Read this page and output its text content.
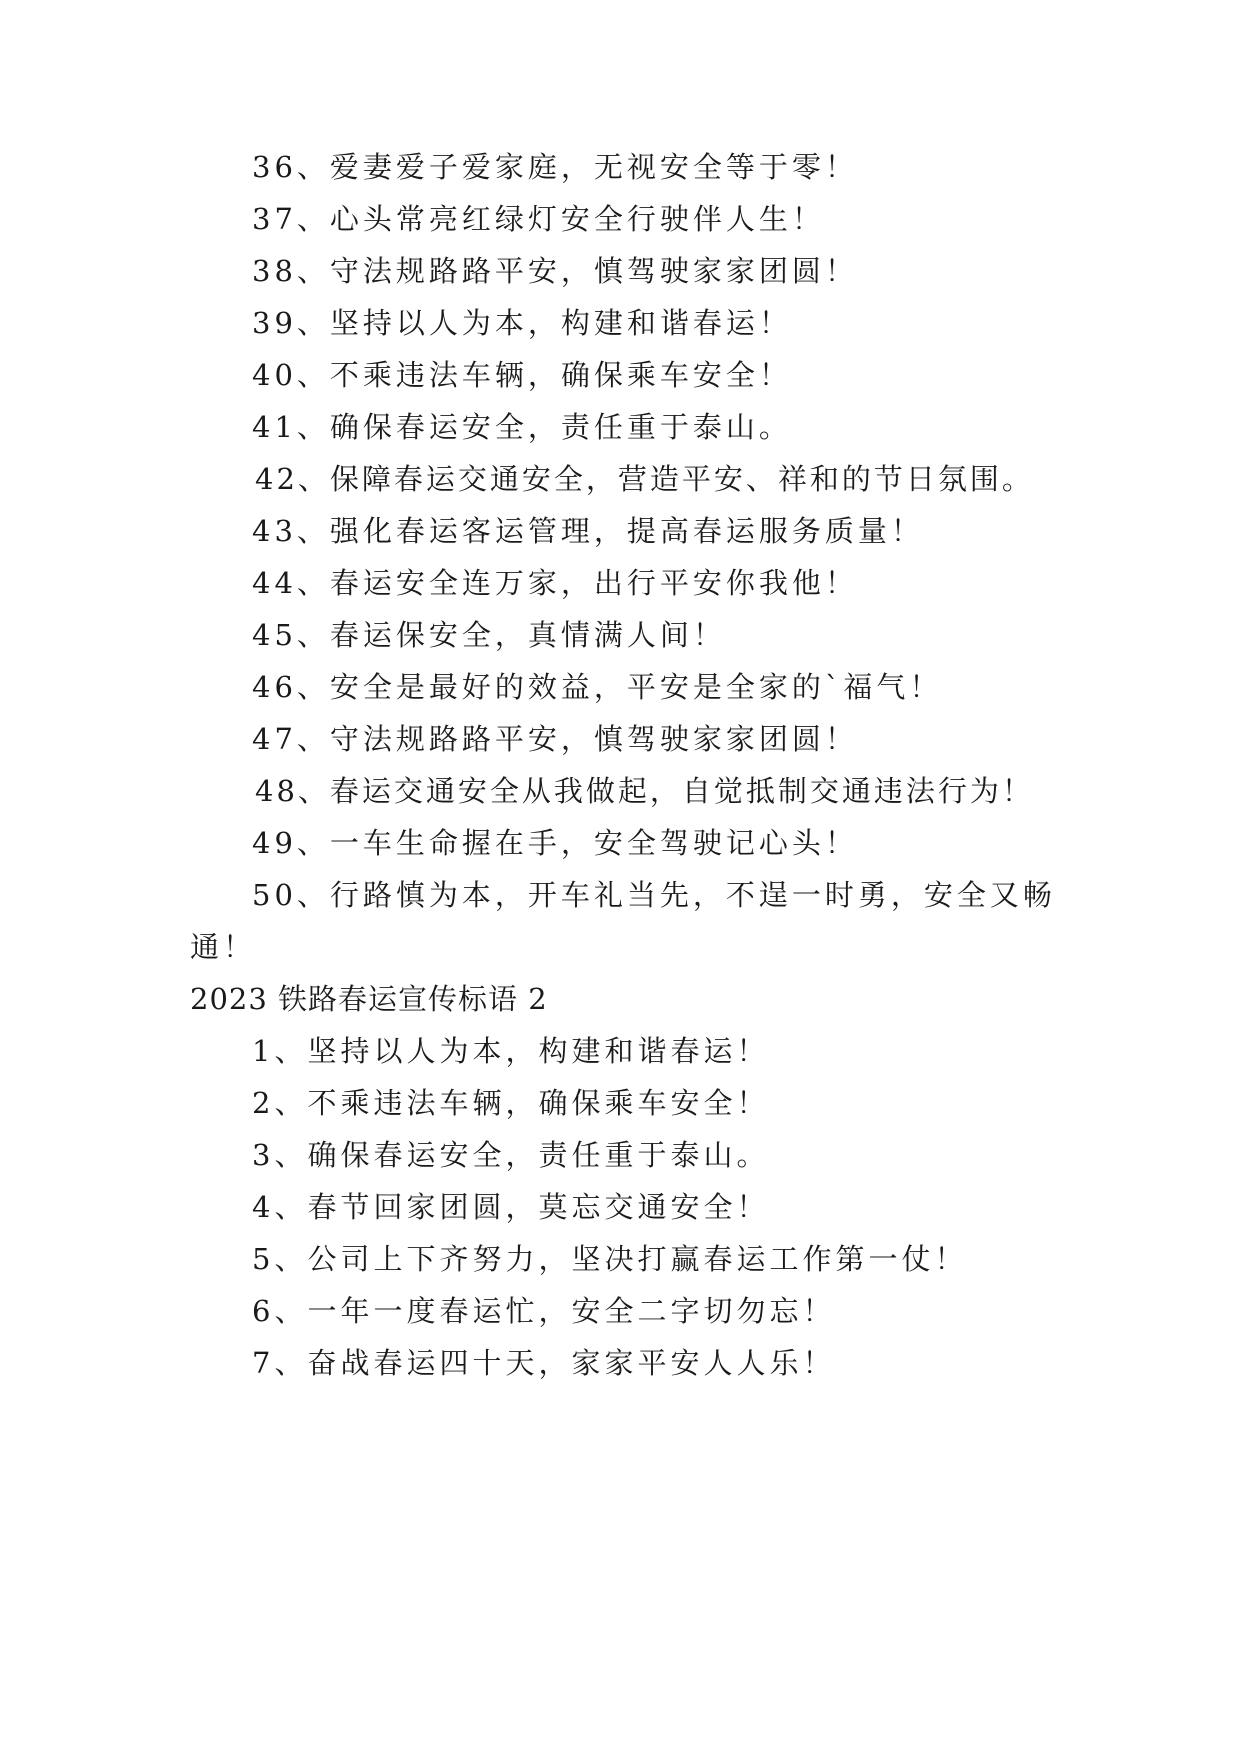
36、爱妻爱子爱家庭，无视安全等于零！
37、心头常亮红绿灯安全行驶伴人生！
38、守法规路路平安，慎驾驶家家团圆！
39、坚持以人为本，构建和谐春运！
40、不乘违法车辆，确保乘车安全！
41、确保春运安全，责任重于泰山。
42、保障春运交通安全，营造平安、祥和的节日氛围。
43、强化春运客运管理，提高春运服务质量！
44、春运安全连万家，出行平安你我他！
45、春运保安全，真情满人间！
46、安全是最好的效益，平安是全家的`福气！
47、守法规路路平安，慎驾驶家家团圆！
48、春运交通安全从我做起，自觉抵制交通违法行为！
49、一车生命握在手，安全驾驶记心头！
50、行路慎为本，开车礼当先，不逞一时勇，安全又畅
通！
2023 铁路春运宣传标语 2
1、坚持以人为本，构建和谐春运！
2、不乘违法车辆，确保乘车安全！
3、确保春运安全，责任重于泰山。
4、春节回家团圆，莫忘交通安全！
5、公司上下齐努力，坚决打赢春运工作第一仗！
6、一年一度春运忙，安全二字切勿忘！
7、奋战春运四十天，家家平安人人乐！
